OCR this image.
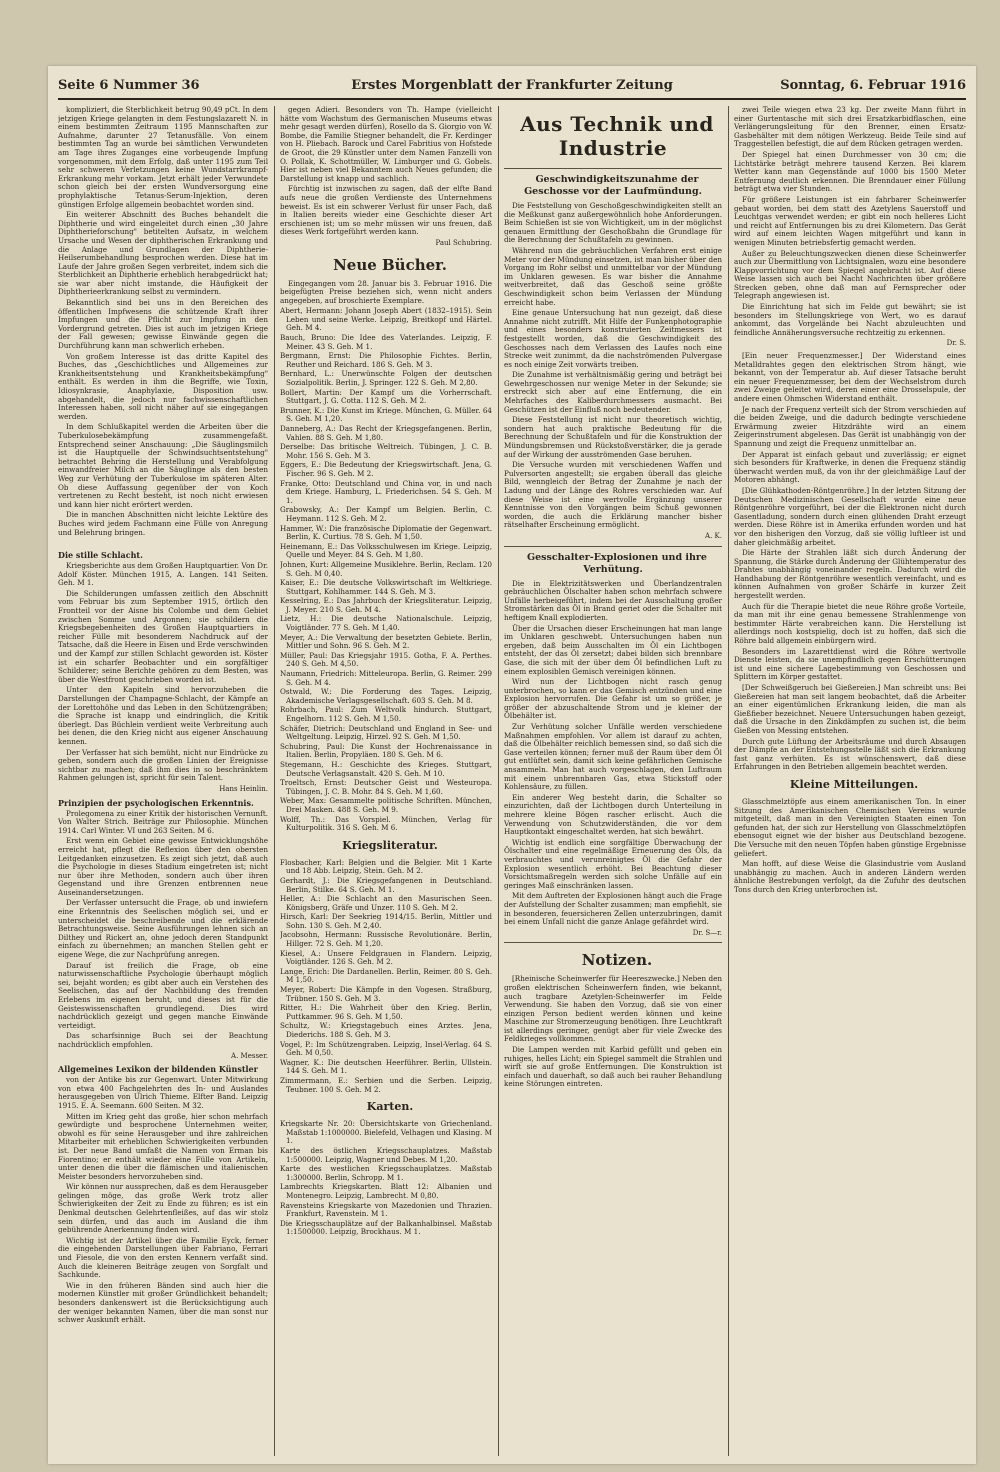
Seite 6 Nummer 36	Erstes Morgenblatt der Frankfurter Zeitung	Sonntag, 6. Februar 1916

kompliziert, die Sterblichkeit betrug 90,49 pCt. In dem jetzigen Kriege gelangten in dem Festungslazarett N. in einem bestimmten Zeitraum 1195 Mannschaften zur Aufnahme, darunter 27 Tetanusfälle. Von einem bestimmten Tag an wurde bei sämtlichen Verwundeten am Tage ihres Zuganges eine vorbeugende Impfung vorgenommen, mit dem Erfolg, daß unter 1195 zum Teil sehr schweren Verletzungen keine Wundstarrkrampf-Erkrankung mehr vorkam. Jetzt erhält jeder Verwundete schon gleich bei der ersten Wundversorgung eine prophylaktische Tetanus-Serum-Injektion, deren günstigen Erfolge allgemein beobachtet worden sind.

Ein weiterer Abschnitt des Buches behandelt die Diphtherie und wird eingeleitet durch einen „30 Jahre Diphtherieforschung" betitelten Aufsatz, in welchem Ursache und Wesen der diphtherischen Erkrankung und die Anlage und Grundlagen der Diphtherie-Heilserumbehandlung besprochen werden. Diese hat im Laufe der Jahre großen Segen verbreitet, indem sich die Sterblichkeit an Diphtherie erheblich herabgedrückt hat; sie war aber nicht imstande, die Häufigkeit der Diphtherieerkrankung selbst zu vermindern.

Bekanntlich sind bei uns in den Bereichen des öffentlichen Impfwesens die schützende Kraft ihrer Impfungen und die Pflicht zur Impfung in den Vordergrund getreten. Dies ist auch im jetzigen Kriege der Fall gewesen; gewisse Einwände gegen die Durchführung kann man schwerlich erheben.

Von großem Interesse ist das dritte Kapitel des Buches, das „Geschichtliches und Allgemeines zur Krankheitsentstehung und Krankheitsbekämpfung" enthält. Es werden in ihm die Begriffe, wie Toxin, Idiosynkrasie, Anaphylaxie, Disposition usw. abgehandelt, die jedoch nur fachwissenschaftlichen Interessen haben, soll nicht näher auf sie eingegangen werden.

In dem Schlußkapitel werden die Arbeiten über die Tuberkulosebekämpfung zusammengefaßt. Entsprechend seiner Anschauung: „Die Säuglingsmilch ist die Hauptquelle der Schwindsuchtsentstehung" betrachtet Behring die Herstellung und Verabfolgung einwandfreier Milch an die Säuglinge als den besten Weg zur Verhütung der Tuberkulose im späteren Alter. Ob diese Auffassung gegenüber der von Koch vertretenen zu Recht besteht, ist noch nicht erwiesen und kann hier nicht erörtert werden.

Die in manchen Abschnitten nicht leichte Lektüre des Buches wird jedem Fachmann eine Fülle von Anregung und Belehrung bringen.

Die stille Schlacht.

Kriegsberichte aus dem Großen Hauptquartier. Von Dr. Adolf Köster. München 1915, A. Langen. 141 Seiten. Geh. M 1.

Die Schilderungen umfassen zeitlich den Abschnitt vom Februar bis zum September 1915, örtlich den Frontteil vor der Aisne bis Colombe und dem Gebiet zwischen Somme und Argonnen; sie schildern die Kriegsbegebenheiten des Großen Hauptquartiers in reicher Fülle mit besonderem Nachdruck auf der Tatsache, daß die Heere in Eisen und Erde verschwinden und der Kampf zur stillen Schlacht geworden ist. Köster ist ein scharfer Beobachter und ein sorgfältiger Schilderer; seine Berichte gehören zu dem Besten, was über die Westfront geschrieben worden ist.

Unter den Kapiteln sind hervorzuheben die Darstellungen der Champagne-Schlacht, der Kämpfe an der Lorettohöhe und das Leben in den Schützengräben; die Sprache ist knapp und eindringlich, die Kritik überlegt. Das Büchlein verdient weite Verbreitung auch bei denen, die den Krieg nicht aus eigener Anschauung kennen.

Der Verfasser hat sich bemüht, nicht nur Eindrücke zu geben, sondern auch die großen Linien der Ereignisse sichtbar zu machen; daß ihm dies in so beschränktem Rahmen gelungen ist, spricht für sein Talent.

Hans Heinlin.

Prinzipien der psychologischen Erkenntnis.

Prolegomena zu einer Kritik der historischen Vernunft. Von Walter Strich. Beiträge zur Philosophie. München 1914. Carl Winter. VI und 263 Seiten. M 6.

Erst wenn ein Gebiet eine gewisse Entwicklungshöhe erreicht hat, pflegt die Reflexion über den obersten Leitgedanken einzusetzen. Es zeigt sich jetzt, daß auch die Psychologie in dieses Stadium eingetreten ist; nicht nur über ihre Methoden, sondern auch über ihren Gegenstand und ihre Grenzen entbrennen neue Auseinandersetzungen.

Der Verfasser untersucht die Frage, ob und inwiefern eine Erkenntnis des Seelischen möglich sei, und er unterscheidet die beschreibende und die erklärende Betrachtungsweise. Seine Ausführungen lehnen sich an Dilthey und Rickert an, ohne jedoch deren Standpunkt einfach zu übernehmen; an manchen Stellen geht er eigene Wege, die zur Nachprüfung anregen.

Darauf ist freilich die Frage, ob eine naturwissenschaftliche Psychologie überhaupt möglich sei, bejaht worden; es gibt aber auch ein Verstehen des Seelischen, das auf der Nachbildung des fremden Erlebens im eigenen beruht, und dieses ist für die Geisteswissenschaften grundlegend. Dies wird nachdrücklich gezeigt und gegen manche Einwände verteidigt.

Das scharfsinnige Buch sei der Beachtung nachdrücklich empfohlen.

A. Messer.

Allgemeines Lexikon der bildenden Künstler

von der Antike bis zur Gegenwart. Unter Mitwirkung von etwa 400 Fachgelehrten des In- und Auslandes herausgegeben von Ulrich Thieme. Elfter Band. Leipzig 1915. E. A. Seemann. 600 Seiten. M 32.

Mitten im Krieg geht das große, hier schon mehrfach gewürdigte und besprochene Unternehmen weiter, obwohl es für seine Herausgeber und ihre zahlreichen Mitarbeiter mit erheblichen Schwierigkeiten verbunden ist. Der neue Band umfaßt die Namen von Erman bis Fiorentino; er enthält wieder eine Fülle von Artikeln, unter denen die über die flämischen und italienischen Meister besonders hervorzuheben sind.

Wir können nur aussprechen, daß es dem Herausgeber gelingen möge, das große Werk trotz aller Schwierigkeiten der Zeit zu Ende zu führen; es ist ein Denkmal deutschen Gelehrtenfleißes, auf das wir stolz sein dürfen, und das auch im Ausland die ihm gebührende Anerkennung finden wird.

Wichtig ist der Artikel über die Familie Eyck, ferner die eingehenden Darstellungen über Fabriano, Ferrari und Fiesole, die von den ersten Kennern verfaßt sind. Auch die kleineren Beiträge zeugen von Sorgfalt und Sachkunde.

Wie in den früheren Bänden sind auch hier die modernen Künstler mit großer Gründlichkeit behandelt; besonders dankenswert ist die Berücksichtigung auch der weniger bekannten Namen, über die man sonst nur schwer Auskunft erhält.

gegen Adieri. Besonders von Th. Hampe (vielleicht hätte vom Wachstum des Germanischen Museums etwas mehr gesagt werden dürfen), Rosello da S. Giorgio von W. Bombe, die Familie Stiegner behandelt, die Fr. Kerdinger von H. Pliebach. Barock und Carel Fabritius von Hofstede de Groot, die 29 Künstler unter dem Namen Fanzelli von O. Pollak, K. Schottmüller, W. Limburger und G. Gobels. Hier ist neben viel Bekanntem auch Neues gefunden; die Darstellung ist knapp und sachlich.

Fürchtig ist inzwischen zu sagen, daß der elfte Band aufs neue die großen Verdienste des Unternehmens beweist. Es ist ein schwerer Verlust für unser Fach, daß in Italien bereits wieder eine Geschichte dieser Art erschienen ist; um so mehr müssen wir uns freuen, daß dieses Werk fortgeführt werden kann.

Paul Schubring.

Neue Bücher.

Eingegangen vom 28. Januar bis 3. Februar 1916. Die beigefügten Preise beziehen sich, wenn nicht anders angegeben, auf broschierte Exemplare.

Abert, Hermann: Johann Joseph Abert (1832–1915). Sein Leben und seine Werke. Leipzig, Breitkopf und Härtel. Geh. M 4.

Bauch, Bruno: Die Idee des Vaterlandes. Leipzig, F. Meiner. 43 S. Geh. M 1.

Bergmann, Ernst: Die Philosophie Fichtes. Berlin, Reuther und Reichard. 186 S. Geh. M 3.

Bernhard, L.: Unerwünschte Folgen der deutschen Sozialpolitik. Berlin, J. Springer. 122 S. Geh. M 2,80.

Bollert, Martin: Der Kampf um die Vorherrschaft. Stuttgart, J. G. Cotta. 112 S. Geh. M 2.

Brunner, K.: Die Kunst im Kriege. München, G. Müller. 64 S. Geh. M 1,20.

Danneberg, A.: Das Recht der Kriegsgefangenen. Berlin, Vahlen. 88 S. Geh. M 1,80.

Derselbe: Das britische Weltreich. Tübingen, J. C. B. Mohr. 156 S. Geh. M 3.

Eggers, E.: Die Bedeutung der Kriegswirtschaft. Jena, G. Fischer. 96 S. Geh. M 2.

Franke, Otto: Deutschland und China vor, in und nach dem Kriege. Hamburg, L. Friederichsen. 54 S. Geh. M 1.

Grabowsky, A.: Der Kampf um Belgien. Berlin, C. Heymann. 112 S. Geh. M 2.

Hammer, W.: Die französische Diplomatie der Gegenwart. Berlin, K. Curtius. 78 S. Geh. M 1,50.

Heinemann, E.: Das Volksschulwesen im Kriege. Leipzig, Quelle und Meyer. 84 S. Geh. M 1,80.

Johnen, Kurt: Allgemeine Musiklehre. Berlin, Reclam. 120 S. Geh. M 0,40.

Kaiser, E.: Die deutsche Volkswirtschaft im Weltkriege. Stuttgart, Kohlhammer. 144 S. Geh. M 3.

Kesselring, E.: Das Jahrbuch der Kriegsliteratur. Leipzig, J. Meyer. 210 S. Geh. M 4.

Lietz, H.: Die deutsche Nationalschule. Leipzig, Voigtländer. 77 S. Geh. M 1,40.

Meyer, A.: Die Verwaltung der besetzten Gebiete. Berlin, Mittler und Sohn. 96 S. Geh. M 2.

Müller, Paul: Das Kriegsjahr 1915. Gotha, F. A. Perthes. 240 S. Geh. M 4,50.

Naumann, Friedrich: Mitteleuropa. Berlin, G. Reimer. 299 S. Geh. M 4.

Ostwald, W.: Die Forderung des Tages. Leipzig, Akademische Verlagsgesellschaft. 603 S. Geh. M 8.

Rohrbach, Paul: Zum Weltvolk hindurch. Stuttgart, Engelhorn. 112 S. Geh. M 1,50.

Schäfer, Dietrich: Deutschland und England in See- und Weltgeltung. Leipzig, Hirzel. 92 S. Geh. M 1,50.

Schubring, Paul: Die Kunst der Hochrenaissance in Italien. Berlin, Propyläen. 180 S. Geh. M 6.

Stegemann, H.: Geschichte des Krieges. Stuttgart, Deutsche Verlagsanstalt. 420 S. Geh. M 10.

Troeltsch, Ernst: Deutscher Geist und Westeuropa. Tübingen, J. C. B. Mohr. 84 S. Geh. M 1,60.

Weber, Max: Gesammelte politische Schriften. München, Drei Masken. 488 S. Geh. M 9.

Wolff, Th.: Das Vorspiel. München, Verlag für Kulturpolitik. 316 S. Geh. M 6.

Kriegsliteratur.

Flosbacher, Karl: Belgien und die Belgier. Mit 1 Karte und 18 Abb. Leipzig, Stein. Geh. M 2.

Gerhardt, J.: Die Kriegsgefangenen in Deutschland. Berlin, Stilke. 64 S. Geh. M 1.

Heller, A.: Die Schlacht an den Masurischen Seen. Königsberg, Gräfe und Unzer. 110 S. Geh. M 2.

Hirsch, Karl: Der Seekrieg 1914/15. Berlin, Mittler und Sohn. 130 S. Geh. M 2,40.

Jacobsohn, Hermann: Russische Revolutionäre. Berlin, Hillger. 72 S. Geh. M 1,20.

Kiesel, A.: Unsere Feldgrauen in Flandern. Leipzig, Voigtländer. 126 S. Geh. M 2.

Lange, Erich: Die Dardanellen. Berlin, Reimer. 80 S. Geh. M 1,50.

Meyer, Robert: Die Kämpfe in den Vogesen. Straßburg, Trübner. 150 S. Geh. M 3.

Ritter, H.: Die Wahrheit über den Krieg. Berlin, Puttkammer. 96 S. Geh. M 1,50.

Schultz, W.: Kriegstagebuch eines Arztes. Jena, Diederichs. 188 S. Geh. M 3.

Vogel, P.: Im Schützengraben. Leipzig, Insel-Verlag. 64 S. Geh. M 0,50.

Wagner, K.: Die deutschen Heerführer. Berlin, Ullstein. 144 S. Geh. M 1.

Zimmermann, E.: Serbien und die Serben. Leipzig, Teubner. 100 S. Geh. M 2.

Karten.

Kriegskarte Nr. 20: Übersichtskarte von Griechenland. Maßstab 1:1000000. Bielefeld, Velhagen und Klasing. M 1.

Karte des östlichen Kriegsschauplatzes. Maßstab 1:500000. Leipzig, Wagner und Debes. M 1,20.

Karte des westlichen Kriegsschauplatzes. Maßstab 1:300000. Berlin, Schropp. M 1.

Lambrechts Kriegskarten. Blatt 12: Albanien und Montenegro. Leipzig, Lambrecht. M 0,80.

Ravensteins Kriegskarte von Mazedonien und Thrazien. Frankfurt, Ravenstein. M 1.

Die Kriegsschauplätze auf der Balkanhalbinsel. Maßstab 1:1500000. Leipzig, Brockhaus. M 1.

Aus Technik und Industrie

Geschwindigkeitszunahme der Geschosse vor der Laufmündung.

Die Feststellung von Geschoßgeschwindigkeiten stellt an die Meßkunst ganz außergewöhnlich hohe Anforderungen. Beim Schießen ist sie von Wichtigkeit, um in der möglichst genauen Ermittlung der Geschoßbahn die Grundlage für die Berechnung der Schußtafeln zu gewinnen.

Während nun die gebräuchlichen Verfahren erst einige Meter vor der Mündung einsetzen, ist man bisher über den Vorgang im Rohr selbst und unmittelbar vor der Mündung im Unklaren gewesen. Es war bisher die Annahme weitverbreitet, daß das Geschoß seine größte Geschwindigkeit schon beim Verlassen der Mündung erreicht habe.

Eine genaue Untersuchung hat nun gezeigt, daß diese Annahme nicht zutrifft. Mit Hilfe der Funkenphotographie und eines besonders konstruierten Zeitmessers ist festgestellt worden, daß die Geschwindigkeit des Geschosses nach dem Verlassen des Laufes noch eine Strecke weit zunimmt, da die nachströmenden Pulvergase es noch einige Zeit vorwärts treiben.

Die Zunahme ist verhältnismäßig gering und beträgt bei Gewehrgeschossen nur wenige Meter in der Sekunde; sie erstreckt sich aber auf eine Entfernung, die ein Mehrfaches des Kaliberdurchmessers ausmacht. Bei Geschützen ist der Einfluß noch bedeutender.

Diese Feststellung ist nicht nur theoretisch wichtig, sondern hat auch praktische Bedeutung für die Berechnung der Schußtafeln und für die Konstruktion der Mündungsbremsen und Rückstoßverstärker, die ja gerade auf der Wirkung der ausströmenden Gase beruhen.

Die Versuche wurden mit verschiedenen Waffen und Pulversorten angestellt; sie ergaben überall das gleiche Bild, wenngleich der Betrag der Zunahme je nach der Ladung und der Länge des Rohres verschieden war. Auf diese Weise ist eine wertvolle Ergänzung unserer Kenntnisse von den Vorgängen beim Schuß gewonnen worden, die auch die Erklärung mancher bisher rätselhafter Erscheinung ermöglicht.

A. K.

Gesschalter-Explosionen und ihre Verhütung.

Die in Elektrizitätswerken und Überlandzentralen gebräuchlichen Ölschalter haben schon mehrfach schwere Unfälle herbeigeführt, indem bei der Ausschaltung großer Stromstärken das Öl in Brand geriet oder die Schalter mit heftigem Knall explodierten.

Über die Ursachen dieser Erscheinungen hat man lange im Unklaren geschwebt. Untersuchungen haben nun ergeben, daß beim Ausschalten im Öl ein Lichtbogen entsteht, der das Öl zersetzt; dabei bilden sich brennbare Gase, die sich mit der über dem Öl befindlichen Luft zu einem explosiblen Gemisch vereinigen können.

Wird nun der Lichtbogen nicht rasch genug unterbrochen, so kann er das Gemisch entzünden und eine Explosion hervorrufen. Die Gefahr ist um so größer, je größer der abzuschaltende Strom und je kleiner der Ölbehälter ist.

Zur Verhütung solcher Unfälle werden verschiedene Maßnahmen empfohlen. Vor allem ist darauf zu achten, daß die Ölbehälter reichlich bemessen sind, so daß sich die Gase verteilen können; ferner muß der Raum über dem Öl gut entlüftet sein, damit sich keine gefährlichen Gemische ansammeln. Man hat auch vorgeschlagen, den Luftraum mit einem unbrennbaren Gas, etwa Stickstoff oder Kohlensäure, zu füllen.

Ein anderer Weg besteht darin, die Schalter so einzurichten, daß der Lichtbogen durch Unterteilung in mehrere kleine Bögen rascher erlischt. Auch die Verwendung von Schutzwiderständen, die vor dem Hauptkontakt eingeschaltet werden, hat sich bewährt.

Wichtig ist endlich eine sorgfältige Überwachung der Ölschalter und eine regelmäßige Erneuerung des Öls, da verbrauchtes und verunreinigtes Öl die Gefahr der Explosion wesentlich erhöht. Bei Beachtung dieser Vorsichtsmaßregeln werden sich solche Unfälle auf ein geringes Maß einschränken lassen.

Mit dem Auftreten der Explosionen hängt auch die Frage der Aufstellung der Schalter zusammen; man empfiehlt, sie in besonderen, feuersicheren Zellen unterzubringen, damit bei einem Unfall nicht die ganze Anlage gefährdet wird.

Dr. S—r.

Notizen.

[Rheinische Scheinwerfer für Heereszwecke.] Neben den großen elektrischen Scheinwerfern finden, wie bekannt, auch tragbare Azetylen-Scheinwerfer im Felde Verwendung. Sie haben den Vorzug, daß sie von einer einzigen Person bedient werden können und keine Maschine zur Stromerzeugung benötigen. Ihre Leuchtkraft ist allerdings geringer, genügt aber für viele Zwecke des Feldkrieges vollkommen.

Die Lampen werden mit Karbid gefüllt und geben ein ruhiges, helles Licht; ein Spiegel sammelt die Strahlen und wirft sie auf große Entfernungen. Die Konstruktion ist einfach und dauerhaft, so daß auch bei rauher Behandlung keine Störungen eintreten.

zwei Teile wiegen etwa 23 kg. Der zweite Mann führt in einer Gurtentasche mit sich drei Ersatzkarbidflaschen, eine Verlängerungsleitung für den Brenner, einen Ersatz-Gasbehälter mit dem nötigen Werkzeug. Beide Teile sind auf Traggestellen befestigt, die auf dem Rücken getragen werden.

Der Spiegel hat einen Durchmesser von 30 cm; die Lichtstärke beträgt mehrere tausend Kerzen. Bei klarem Wetter kann man Gegenstände auf 1000 bis 1500 Meter Entfernung deutlich erkennen. Die Brenndauer einer Füllung beträgt etwa vier Stunden.

Für größere Leistungen ist ein fahrbarer Scheinwerfer gebaut worden, bei dem statt des Azetylens Sauerstoff und Leuchtgas verwendet werden; er gibt ein noch helleres Licht und reicht auf Entfernungen bis zu drei Kilometern. Das Gerät wird auf einem leichten Wagen mitgeführt und kann in wenigen Minuten betriebsfertig gemacht werden.

Außer zu Beleuchtungszwecken dienen diese Scheinwerfer auch zur Übermittlung von Lichtsignalen, wozu eine besondere Klappvorrichtung vor dem Spiegel angebracht ist. Auf diese Weise lassen sich auch bei Nacht Nachrichten über größere Strecken geben, ohne daß man auf Fernsprecher oder Telegraph angewiesen ist.

Die Einrichtung hat sich im Felde gut bewährt; sie ist besonders im Stellungskriege von Wert, wo es darauf ankommt, das Vorgelände bei Nacht abzuleuchten und feindliche Annäherungsversuche rechtzeitig zu erkennen.

Dr. S.

[Ein neuer Frequenzmesser.] Der Widerstand eines Metalldrahtes gegen den elektrischen Strom hängt, wie bekannt, von der Temperatur ab. Auf dieser Tatsache beruht ein neuer Frequenzmesser, bei dem der Wechselstrom durch zwei Zweige geleitet wird, deren einer eine Drosselspule, der andere einen Ohmschen Widerstand enthält.

Je nach der Frequenz verteilt sich der Strom verschieden auf die beiden Zweige, und die dadurch bedingte verschiedene Erwärmung zweier Hitzdrähte wird an einem Zeigerinstrument abgelesen. Das Gerät ist unabhängig von der Spannung und zeigt die Frequenz unmittelbar an.

Der Apparat ist einfach gebaut und zuverlässig; er eignet sich besonders für Kraftwerke, in denen die Frequenz ständig überwacht werden muß, da von ihr der gleichmäßige Lauf der Motoren abhängt.

[Die Glühkathoden-Röntgenröhre.] In der letzten Sitzung der Deutschen Medizinischen Gesellschaft wurde eine neue Röntgenröhre vorgeführt, bei der die Elektronen nicht durch Gasentladung, sondern durch einen glühenden Draht erzeugt werden. Diese Röhre ist in Amerika erfunden worden und hat vor den bisherigen den Vorzug, daß sie völlig luftleer ist und daher gleichmäßig arbeitet.

Die Härte der Strahlen läßt sich durch Änderung der Spannung, die Stärke durch Änderung der Glühtemperatur des Drahtes unabhängig voneinander regeln. Dadurch wird die Handhabung der Röntgenröhre wesentlich vereinfacht, und es können Aufnahmen von großer Schärfe in kurzer Zeit hergestellt werden.

Auch für die Therapie bietet die neue Röhre große Vorteile, da man mit ihr eine genau bemessene Strahlenmenge von bestimmter Härte verabreichen kann. Die Herstellung ist allerdings noch kostspielig, doch ist zu hoffen, daß sich die Röhre bald allgemein einbürgern wird.

Besonders im Lazarettdienst wird die Röhre wertvolle Dienste leisten, da sie unempfindlich gegen Erschütterungen ist und eine sichere Lagebestimmung von Geschossen und Splittern im Körper gestattet.

[Der Schweißgeruch bei Gießereien.] Man schreibt uns: Bei Gießereien hat man seit langem beobachtet, daß die Arbeiter an einer eigentümlichen Erkrankung leiden, die man als Gießfieber bezeichnet. Neuere Untersuchungen haben gezeigt, daß die Ursache in den Zinkdämpfen zu suchen ist, die beim Gießen von Messing entstehen.

Durch gute Lüftung der Arbeitsräume und durch Absaugen der Dämpfe an der Entstehungsstelle läßt sich die Erkrankung fast ganz verhüten. Es ist wünschenswert, daß diese Erfahrungen in den Betrieben allgemein beachtet werden.

Kleine Mitteilungen.

Glasschmelztöpfe aus einem amerikanischen Ton. In einer Sitzung des Amerikanischen Chemischen Vereins wurde mitgeteilt, daß man in den Vereinigten Staaten einen Ton gefunden hat, der sich zur Herstellung von Glasschmelztöpfen ebensogut eignet wie der bisher aus Deutschland bezogene. Die Versuche mit den neuen Töpfen haben günstige Ergebnisse geliefert.

Man hofft, auf diese Weise die Glasindustrie vom Ausland unabhängig zu machen. Auch in anderen Ländern werden ähnliche Bestrebungen verfolgt, da die Zufuhr des deutschen Tons durch den Krieg unterbrochen ist.
